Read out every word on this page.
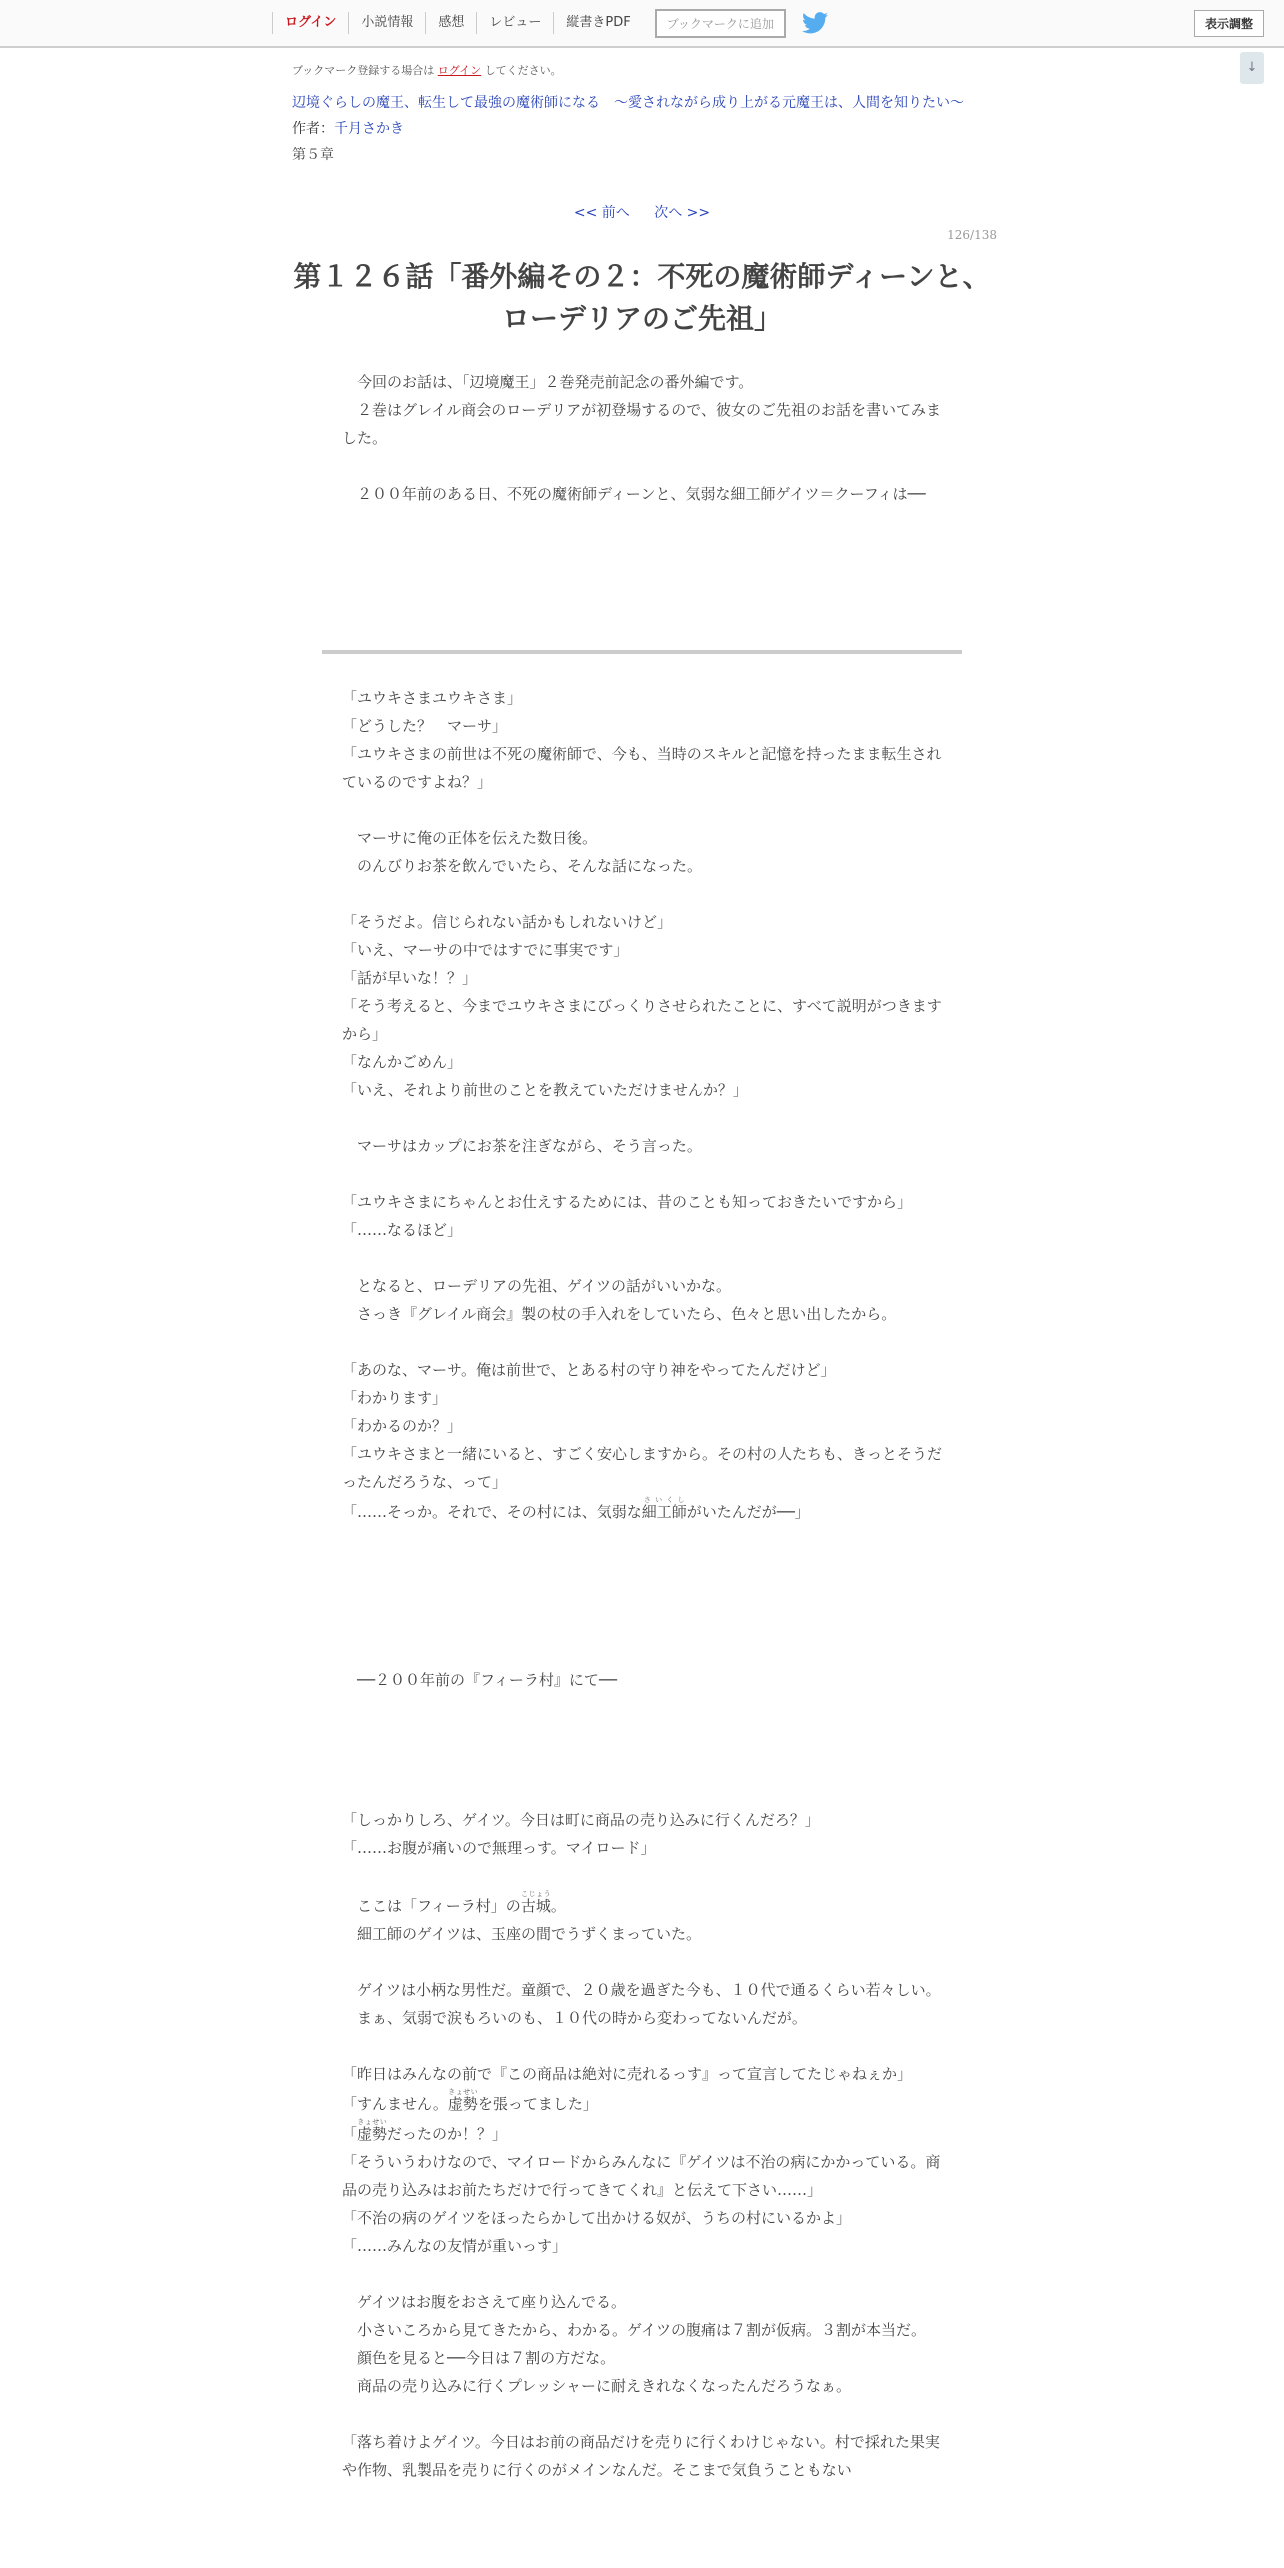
ログイン	小説情報	感想	レビュー	縦書きPDF	ブックマークに追加	表示調整
↓
ブックマーク登録する場合は ログイン してください。
辺境ぐらしの魔王、転生して最強の魔術師になる　〜愛されながら成り上がる元魔王は、人間を知りたい〜
作者：千月さかき
第５章
<< 前へ 次へ >>
126/138
第１２６話「番外編その２：不死の魔術師ディーンと、ローデリアのご先祖」

　今回のお話は、「辺境魔王」２巻発売前記念の番外編です。

　２巻はグレイル商会のローデリアが初登場するので、彼女のご先祖のお話を書いてみました。

　２００年前のある日、不死の魔術師ディーンと、気弱な細工師ゲイツ＝クーフィは──

「ユウキさまユウキさま」

「どうした？　マーサ」

「ユウキさまの前世は不死の魔術師で、今も、当時のスキルと記憶を持ったまま転生されているのですよね？」

　マーサに俺の正体を伝えた数日後。

　のんびりお茶を飲んでいたら、そんな話になった。

「そうだよ。信じられない話かもしれないけど」

「いえ、マーサの中ではすでに事実です」

「話が早いな！？」

「そう考えると、今までユウキさまにびっくりさせられたことに、すべて説明がつきますから」

「なんかごめん」

「いえ、それより前世のことを教えていただけませんか？」

　マーサはカップにお茶を注ぎながら、そう言った。

「ユウキさまにちゃんとお仕えするためには、昔のことも知っておきたいですから」

「……なるほど」

　となると、ローデリアの先祖、ゲイツの話がいいかな。

　さっき『グレイル商会』製の杖の手入れをしていたら、色々と思い出したから。

「あのな、マーサ。俺は前世で、とある村の守り神をやってたんだけど」

「わかります」

「わかるのか？」

「ユウキさまと一緒にいると、すごく安心しますから。その村の人たちも、きっとそうだったんだろうな、って」

「……そっか。それで、その村には、気弱な細工師さいくしがいたんだが──」

　──２００年前の『フィーラ村』にて──

「しっかりしろ、ゲイツ。今日は町に商品の売り込みに行くんだろ？」

「……お腹が痛いので無理っす。マイロード」

　ここは「フィーラ村」の古城こじょう。

　細工師のゲイツは、玉座の間でうずくまっていた。

　ゲイツは小柄な男性だ。童顔で、２０歳を過ぎた今も、１０代で通るくらい若々しい。

　まぁ、気弱で涙もろいのも、１０代の時から変わってないんだが。

「昨日はみんなの前で『この商品は絶対に売れるっす』って宣言してたじゃねぇか」

「すんません。虚勢きょせいを張ってました」

「虚勢きょせいだったのか！？」

「そういうわけなので、マイロードからみんなに『ゲイツは不治の病にかかっている。商品の売り込みはお前たちだけで行ってきてくれ』と伝えて下さい……」

「不治の病のゲイツをほったらかして出かける奴が、うちの村にいるかよ」

「……みんなの友情が重いっす」

　ゲイツはお腹をおさえて座り込んでる。

　小さいころから見てきたから、わかる。ゲイツの腹痛は７割が仮病。３割が本当だ。

　顔色を見ると──今日は７割の方だな。

　商品の売り込みに行くプレッシャーに耐えきれなくなったんだろうなぁ。

「落ち着けよゲイツ。今日はお前の商品だけを売りに行くわけじゃない。村で採れた果実や作物、乳製品を売りに行くのがメインなんだ。そこまで気負うこともない
